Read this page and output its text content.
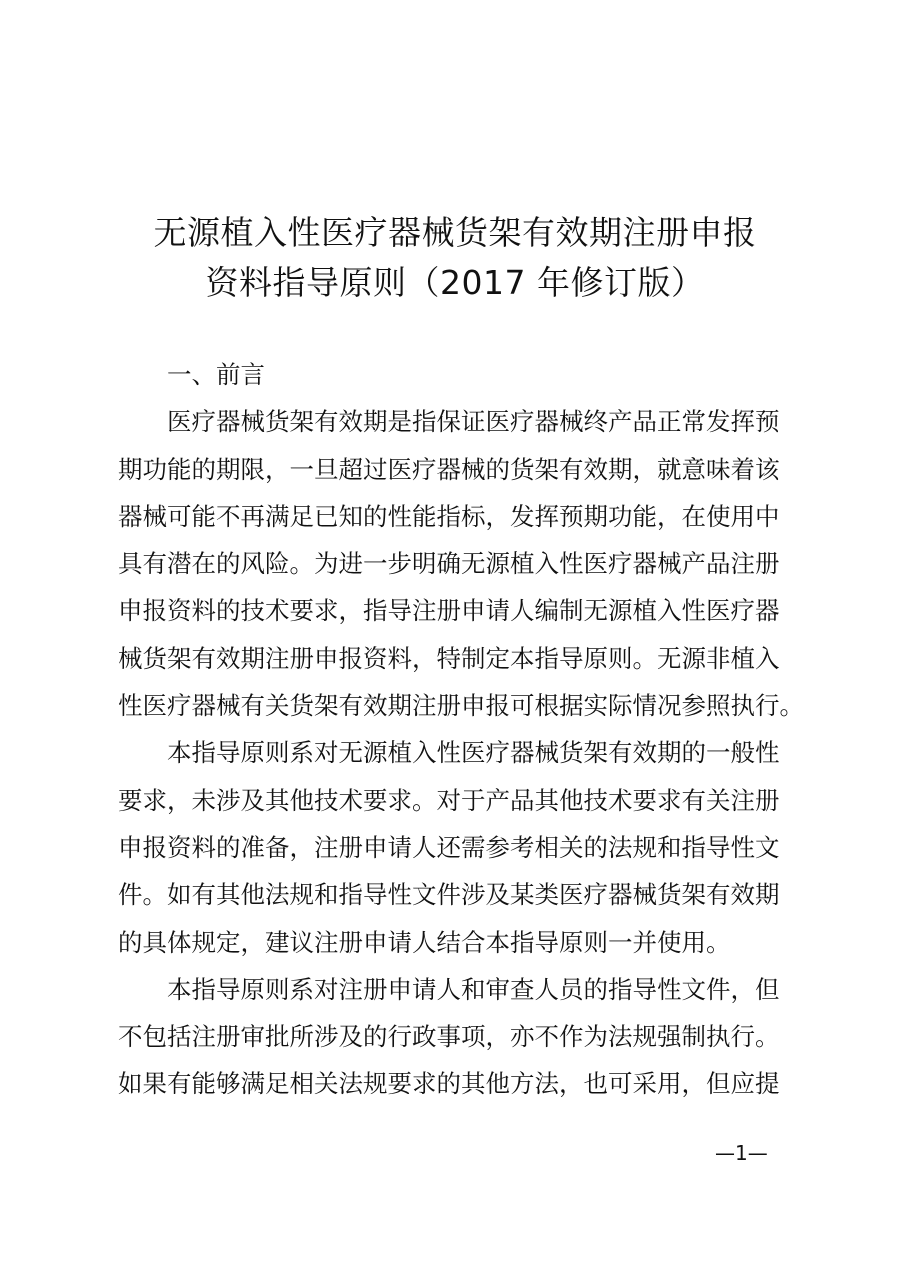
无源植入性医疗器械货架有效期注册申报
资料指导原则（2017 年修订版）
一、前言
医疗器械货架有效期是指保证医疗器械终产品正常发挥预
期功能的期限，一旦超过医疗器械的货架有效期，就意味着该
器械可能不再满足已知的性能指标，发挥预期功能，在使用中
具有潜在的风险。为进一步明确无源植入性医疗器械产品注册
申报资料的技术要求，指导注册申请人编制无源植入性医疗器
械货架有效期注册申报资料，特制定本指导原则。无源非植入
性医疗器械有关货架有效期注册申报可根据实际情况参照执行。
本指导原则系对无源植入性医疗器械货架有效期的一般性
要求，未涉及其他技术要求。对于产品其他技术要求有关注册
申报资料的准备，注册申请人还需参考相关的法规和指导性文
件。如有其他法规和指导性文件涉及某类医疗器械货架有效期
的具体规定，建议注册申请人结合本指导原则一并使用。
本指导原则系对注册申请人和审查人员的指导性文件，但
不包括注册审批所涉及的行政事项，亦不作为法规强制执行。
如果有能够满足相关法规要求的其他方法，也可采用，但应提
—1—
